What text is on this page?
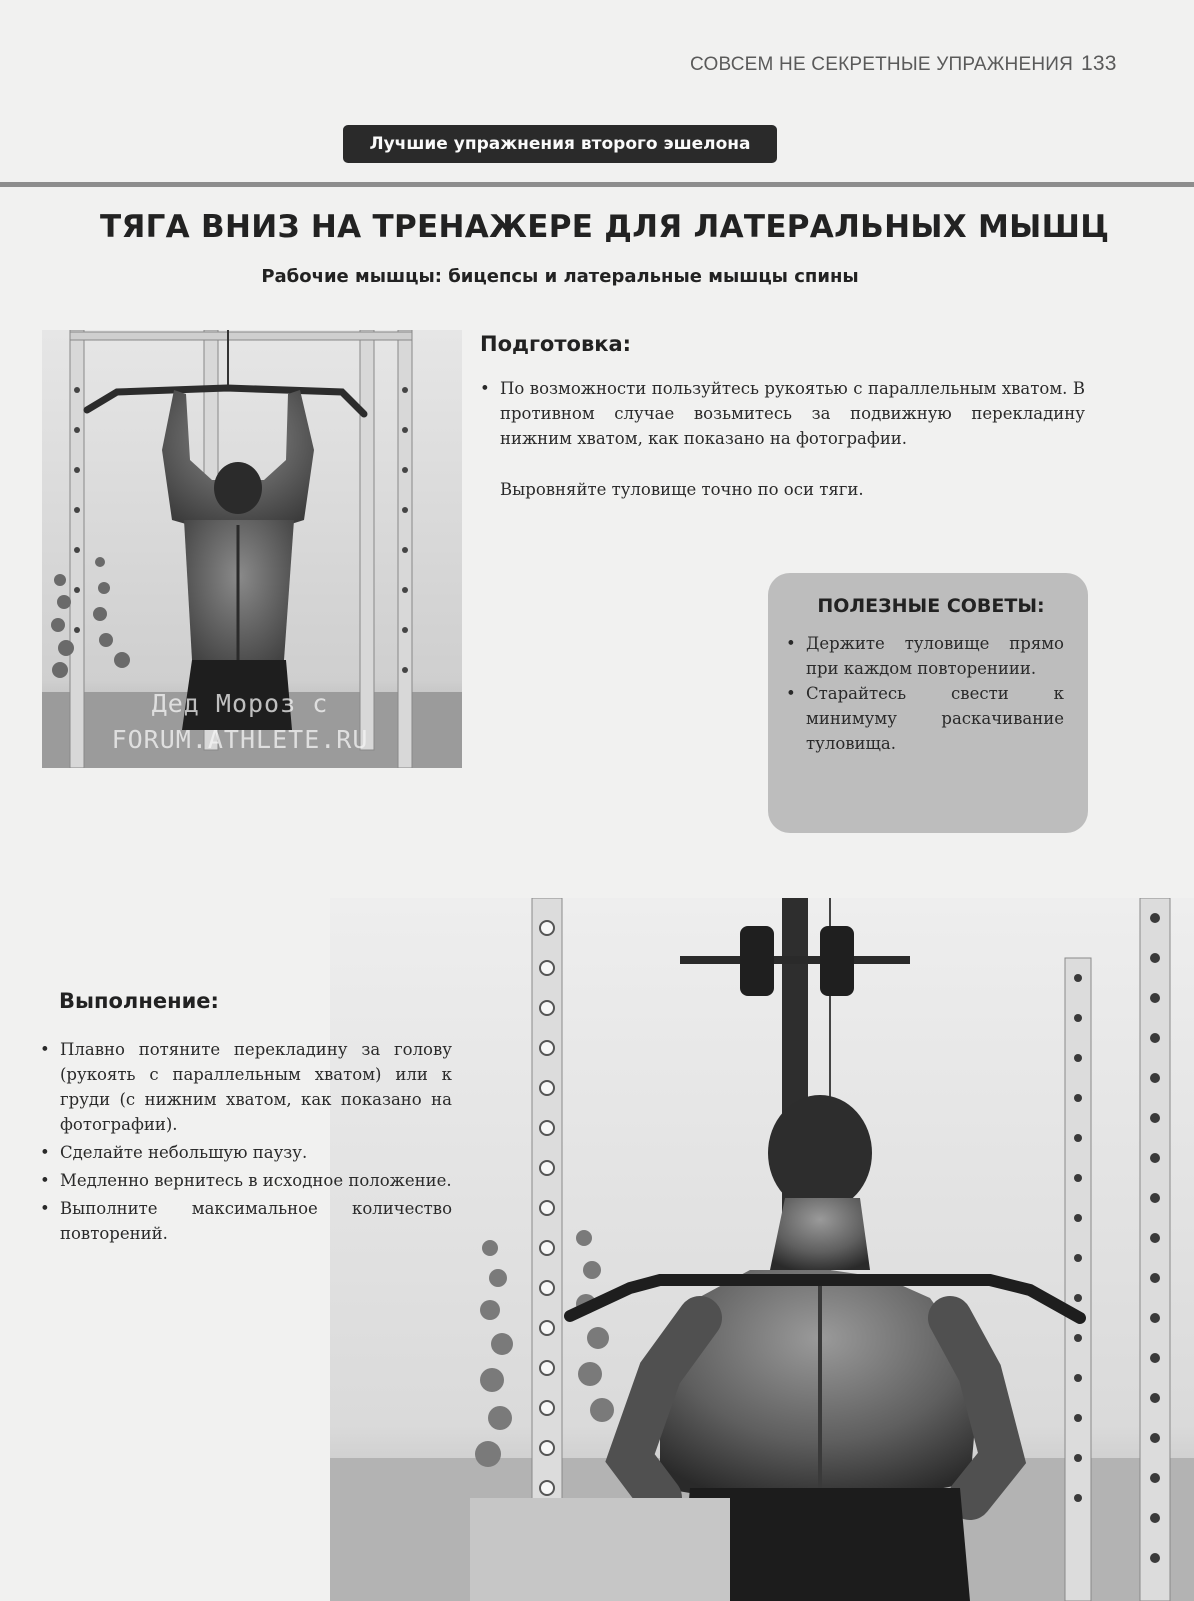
СОВСЕМ НЕ СЕКРЕТНЫЕ УПРАЖНЕНИЯ 133
Лучшие упражнения второго эшелона
ТЯГА ВНИЗ НА ТРЕНАЖЕРЕ ДЛЯ ЛАТЕРАЛЬНЫХ МЫШЦ
Рабочие мышцы: бицепсы и латеральные мышцы спины
Дед Мороз с
FORUM.ATHLETE.RU
Подготовка:
• По возможности пользуйтесь рукоятью с параллельным хватом. В противном случае возьмитесь за подвижную перекладину нижним хватом, как показано на фотографии.
Выровняйте туловище точно по оси тяги.
ПОЛЕЗНЫЕ СОВЕТЫ:
• Держите туловище прямо при каждом повторениии.
• Старайтесь свести к минимуму раскачивание туловища.
Выполнение:
• Плавно потяните перекладину за голову (рукоять с параллельным хватом) или к груди (с нижним хватом, как показано на фотографии).
• Сделайте небольшую паузу.
• Медленно вернитесь в исходное положение.
• Выполните максимальное количество повторений.
